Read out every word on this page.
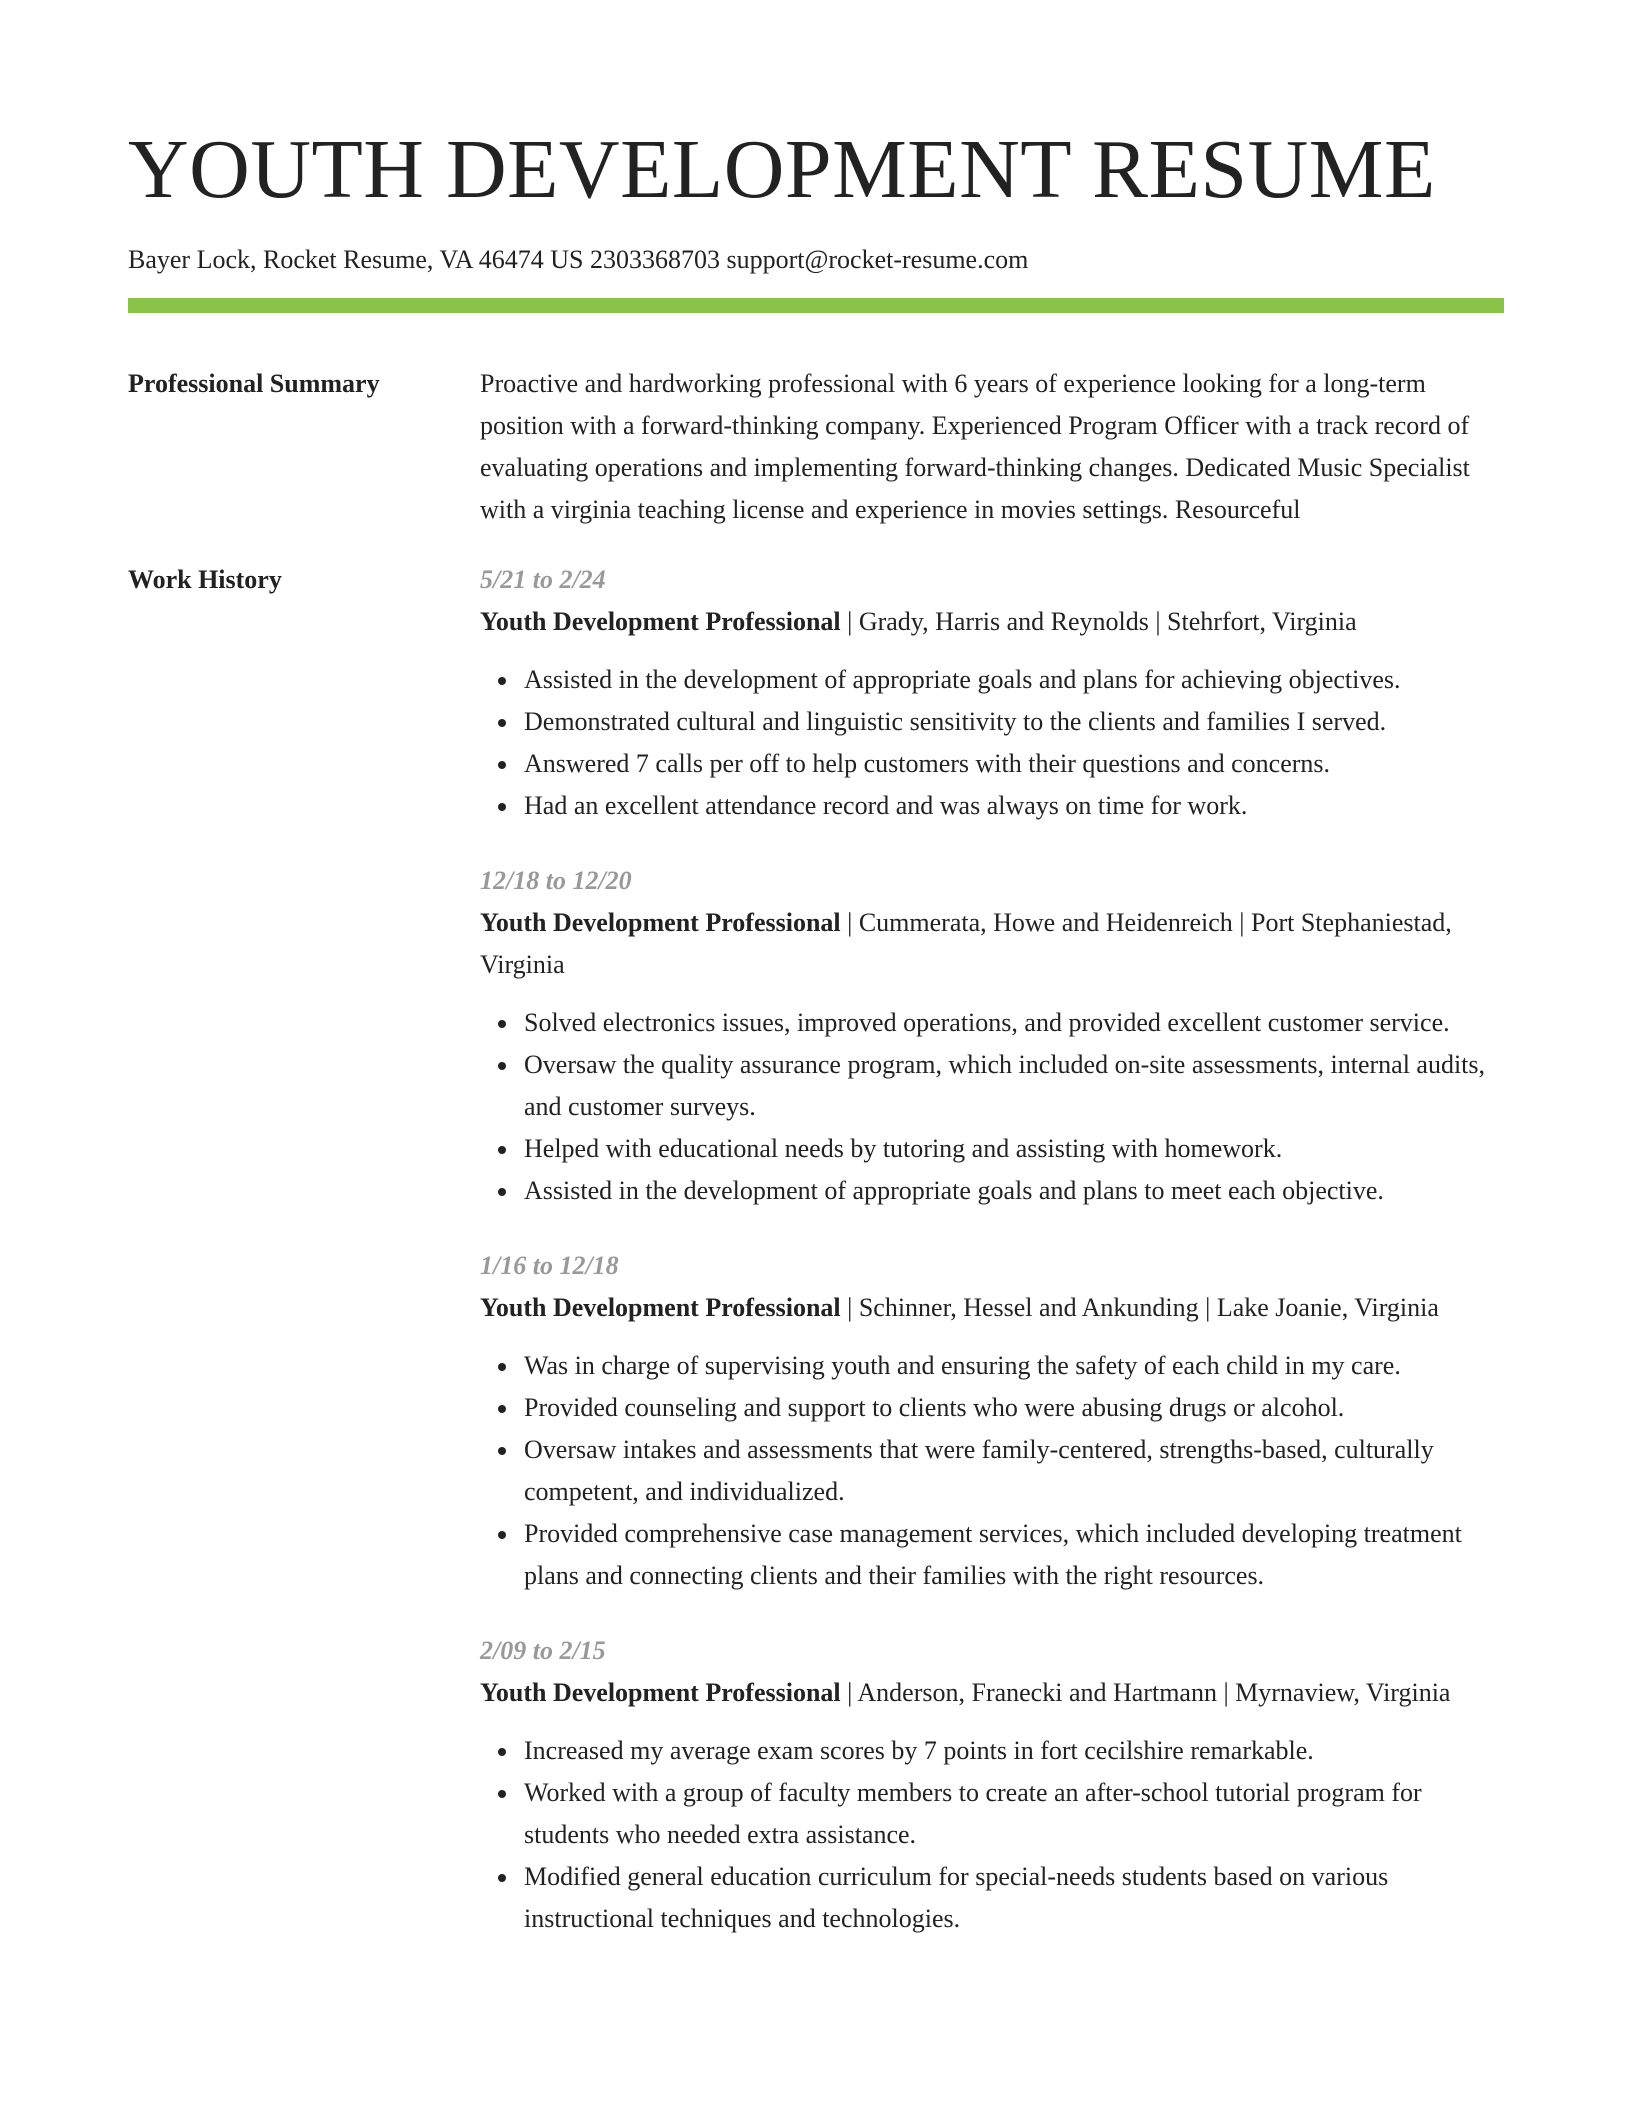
YOUTH DEVELOPMENT RESUME
Bayer Lock, Rocket Resume, VA 46474 US 2303368703 support@rocket-resume.com
Professional Summary	Proactive and hardworking professional with 6 years of experience looking for a long-term position with a forward-thinking company. Experienced Program Officer with a track record of evaluating operations and implementing forward-thinking changes. Dedicated Music Specialist with a virginia teaching license and experience in movies settings. Resourceful
Work History	5/21 to 2/24
Youth Development Professional | Grady, Harris and Reynolds | Stehrfort, Virginia
Assisted in the development of appropriate goals and plans for achieving objectives.
Demonstrated cultural and linguistic sensitivity to the clients and families I served.
Answered 7 calls per off to help customers with their questions and concerns.
Had an excellent attendance record and was always on time for work.
12/18 to 12/20
Youth Development Professional | Cummerata, Howe and Heidenreich | Port Stephaniestad, Virginia
Solved electronics issues, improved operations, and provided excellent customer service.
Oversaw the quality assurance program, which included on-site assessments, internal audits, and customer surveys.
Helped with educational needs by tutoring and assisting with homework.
Assisted in the development of appropriate goals and plans to meet each objective.
1/16 to 12/18
Youth Development Professional | Schinner, Hessel and Ankunding | Lake Joanie, Virginia
Was in charge of supervising youth and ensuring the safety of each child in my care.
Provided counseling and support to clients who were abusing drugs or alcohol.
Oversaw intakes and assessments that were family-centered, strengths-based, culturally competent, and individualized.
Provided comprehensive case management services, which included developing treatment plans and connecting clients and their families with the right resources.
2/09 to 2/15
Youth Development Professional | Anderson, Franecki and Hartmann | Myrnaview, Virginia
Increased my average exam scores by 7 points in fort cecilshire remarkable.
Worked with a group of faculty members to create an after-school tutorial program for students who needed extra assistance.
Modified general education curriculum for special-needs students based on various instructional techniques and technologies.
